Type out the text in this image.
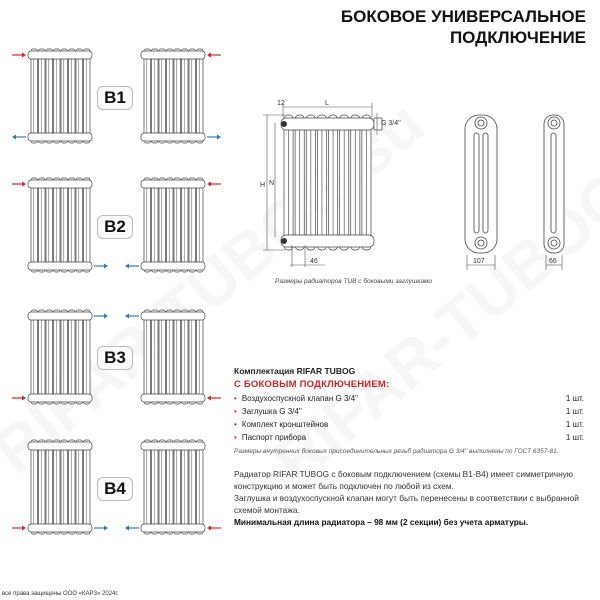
БОКОВОЕ УНИВЕРСАЛЬНОЕ
ПОДКЛЮЧЕНИЕ
B1
B2
B3
B4
12	L
G 3/4''
H N
46	107	66
Размеры радиаторов TUB с боковыми заглушками
Комплектация RIFAR TUBOG
С БОКОВЫМ ПОДКЛЮЧЕНИЕМ:
• Воздухоспускной клапан G 3/4''	1 шт.
• Заглушка G 3/4''	1 шт.
• Комплект кронштейнов	1 шт.
• Паспорт прибора	1 шт.
Размеры внутренних боковых присоединительных резьб радиатора G 3/4'' выполнены по ГОСТ 6357-81.
Радиатор RIFAR TUBOG с боковым подключением (схемы B1-B4) имеет симметричную конструкцию и может быть подключен по любой из схем.
Заглушка и воздухоспускной клапан могут быть перенесены в соответствии с выбранной схемой монтажа.
Минимальная длина радиатора – 98 мм (2 секции) без учета арматуры.
все права защищены ООО «КАРЗ» 2024г.
